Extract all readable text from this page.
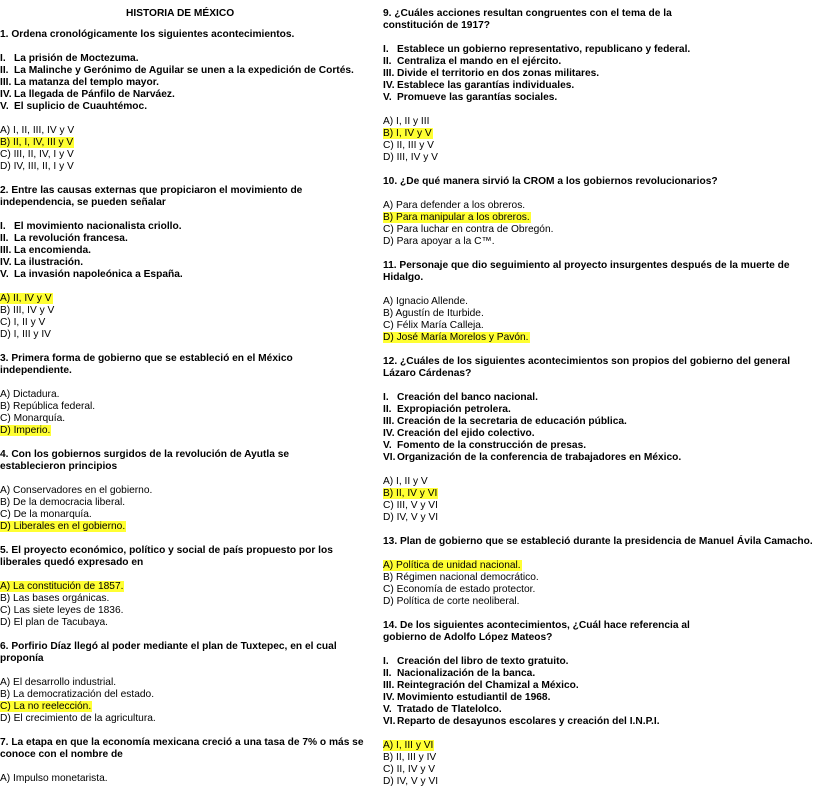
HISTORIA DE MÉXICO

1. Ordena cronológicamente los siguientes acontecimientos.

I. La prisión de Moctezuma.
II. La Malinche y Gerónimo de Aguilar se unen a la expedición de Cortés.
III. La matanza del templo mayor.
IV. La llegada de Pánfilo de Narváez.
V. El suplicio de Cuauhtémoc.
A) I, II, III, IV y V
B) II, I, IV, III y V
C) III, II, IV, I y V
D) IV, III, II, I y V

2. Entre las causas externas que propiciaron el movimiento de independencia, se pueden señalar

I. El movimiento nacionalista criollo.
II. La revolución francesa.
III. La encomienda.
IV. La ilustración.
V. La invasión napoleónica a España.
A) II, IV y V
B) III, IV y V
C) I, II y V
D) I, III y IV

3. Primera forma de gobierno que se estableció en el México independiente.

A) Dictadura.
B) República federal.
C) Monarquía.
D) Imperio.

4. Con los gobiernos surgidos de la revolución de Ayutla se establecieron principios

A) Conservadores en el gobierno.
B) De la democracia liberal.
C) De la monarquía.
D) Liberales en el gobierno.

5. El proyecto económico, político y social de país propuesto por los liberales quedó expresado en

A) La constitución de 1857.
B) Las bases orgánicas.
C) Las siete leyes de 1836.
D) El plan de Tacubaya.

6. Porfirio Díaz llegó al poder mediante el plan de Tuxtepec, en el cual proponía

A) El desarrollo industrial.
B) La democratización del estado.
C) La no reelección.
D) El crecimiento de la agricultura.

7. La etapa en que la economía mexicana creció a una tasa de 7% o más se conoce con el nombre de

A) Impulso monetarista.

9. ¿Cuáles acciones resultan congruentes con el tema de la constitución de 1917?

I. Establece un gobierno representativo, republicano y federal.
II. Centraliza el mando en el ejército.
III. Divide el territorio en dos zonas militares.
IV. Establece las garantías individuales.
V. Promueve las garantías sociales.
A) I, II y III
B) I, IV y V
C) II, III y V
D) III, IV y V

10. ¿De qué manera sirvió la CROM a los gobiernos revolucionarios?

A) Para defender a los obreros.
B) Para manipular a los obreros.
C) Para luchar en contra de Obregón.
D) Para apoyar a la C™.

11. Personaje que dio seguimiento al proyecto insurgentes después de la muerte de Hidalgo.

A) Ignacio Allende.
B) Agustín de Iturbide.
C) Félix María Calleja.
D) José María Morelos y Pavón.

12. ¿Cuáles de los siguientes acontecimientos son propios del gobierno del general Lázaro Cárdenas?

I. Creación del banco nacional.
II. Expropiación petrolera.
III. Creación de la secretaria de educación pública.
IV. Creación del ejido colectivo.
V. Fomento de la construcción de presas.
VI. Organización de la conferencia de trabajadores en México.
A) I, II y V
B) II, IV y VI
C) III, V y VI
D) IV, V y VI

13. Plan de gobierno que se estableció durante la presidencia de Manuel Ávila Camacho.

A) Política de unidad nacional.
B) Régimen nacional democrático.
C) Economía de estado protector.
D) Política de corte neoliberal.

14. De los siguientes acontecimientos, ¿Cuál hace referencia al gobierno de Adolfo López Mateos?

I. Creación del libro de texto gratuito.
II. Nacionalización de la banca.
III. Reintegración del Chamizal a México.
IV. Movimiento estudiantil de 1968.
V. Tratado de Tlatelolco.
VI. Reparto de desayunos escolares y creación del I.N.P.I.
A) I, III y VI
B) II, III y IV
C) II, IV y V
D) IV, V y VI
